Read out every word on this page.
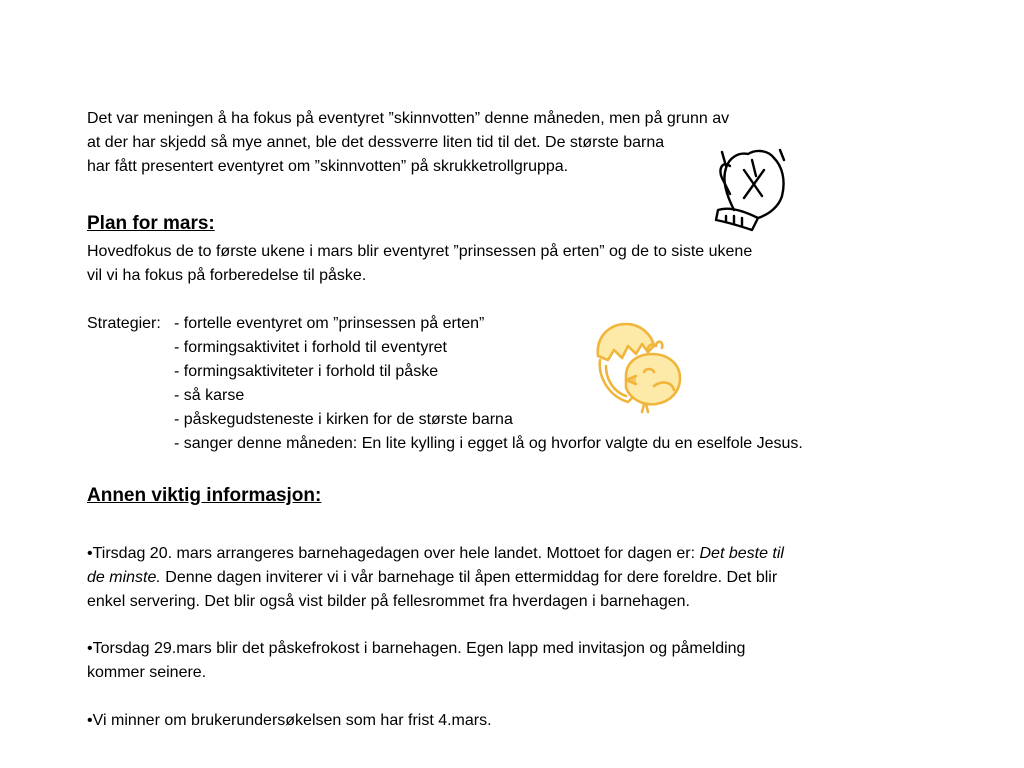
Det var meningen å ha fokus på eventyret ”skinnvotten” denne måneden, men på grunn av
at der har skjedd så mye annet, ble det dessverre liten tid til det. De største barna
har fått presentert eventyret om ”skinnvotten” på skrukketrollgruppa.
Plan for mars:
Hovedfokus de to første ukene i mars blir eventyret ”prinsessen på erten” og de to siste ukene
vil vi ha fokus på forberedelse til påske.
Strategier: - fortelle eventyret om ”prinsessen på erten”
- formingsaktivitet i forhold til eventyret
- formingsaktiviteter i forhold til påske
- så karse
- påskegudsteneste i kirken for de største barna
- sanger denne måneden: En lite kylling i egget lå og hvorfor valgte du en eselfole Jesus.
Annen viktig informasjon:
•Tirsdag 20. mars arrangeres barnehagedagen over hele landet. Mottoet for dagen er: Det beste til
de minste. Denne dagen inviterer vi i vår barnehage til åpen ettermiddag for dere foreldre. Det blir
enkel servering. Det blir også vist bilder på fellesrommet fra hverdagen i barnehagen.
•Torsdag 29.mars blir det påskefrokost i barnehagen. Egen lapp med invitasjon og påmelding
kommer seinere.
•Vi minner om brukerundersøkelsen som har frist 4.mars.
